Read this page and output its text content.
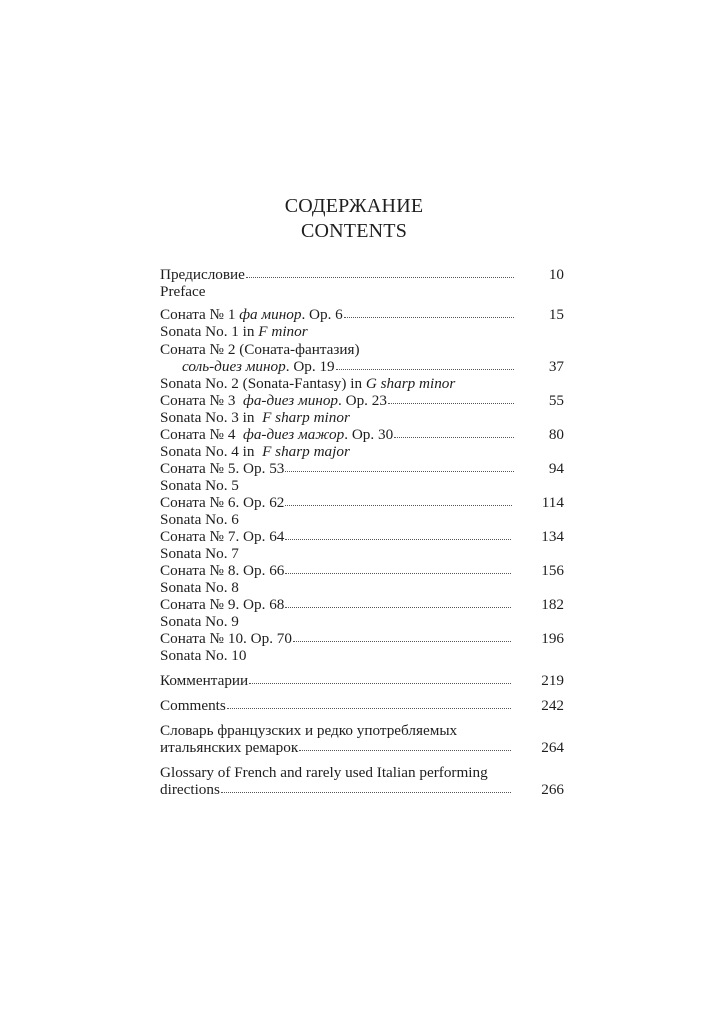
СОДЕРЖАНИЕ
CONTENTS
Предисловие	10
Preface
Соната № 1 фа минор. Op. 6	15
Sonata No. 1 in F minor
Соната № 2 (Соната-фантазия)
соль-диез минор. Op. 19	37
Sonata No. 2 (Sonata-Fantasy) in G sharp minor
Соната № 3  фа-диез минор. Op. 23	55
Sonata No. 3 in  F sharp minor
Соната № 4  фа-диез мажор. Op. 30	80
Sonata No. 4 in  F sharp major
Соната № 5. Op. 53	94
Sonata No. 5
Соната № 6. Op. 62	114
Sonata No. 6
Соната № 7. Op. 64	134
Sonata No. 7
Соната № 8. Op. 66	156
Sonata No. 8
Соната № 9. Op. 68	182
Sonata No. 9
Соната № 10. Op. 70	196
Sonata No. 10
Комментарии	219
Comments	242
Словарь французских и редко употребляемых
итальянских ремарок	264
Glossary of French and rarely used Italian performing
directions	266
